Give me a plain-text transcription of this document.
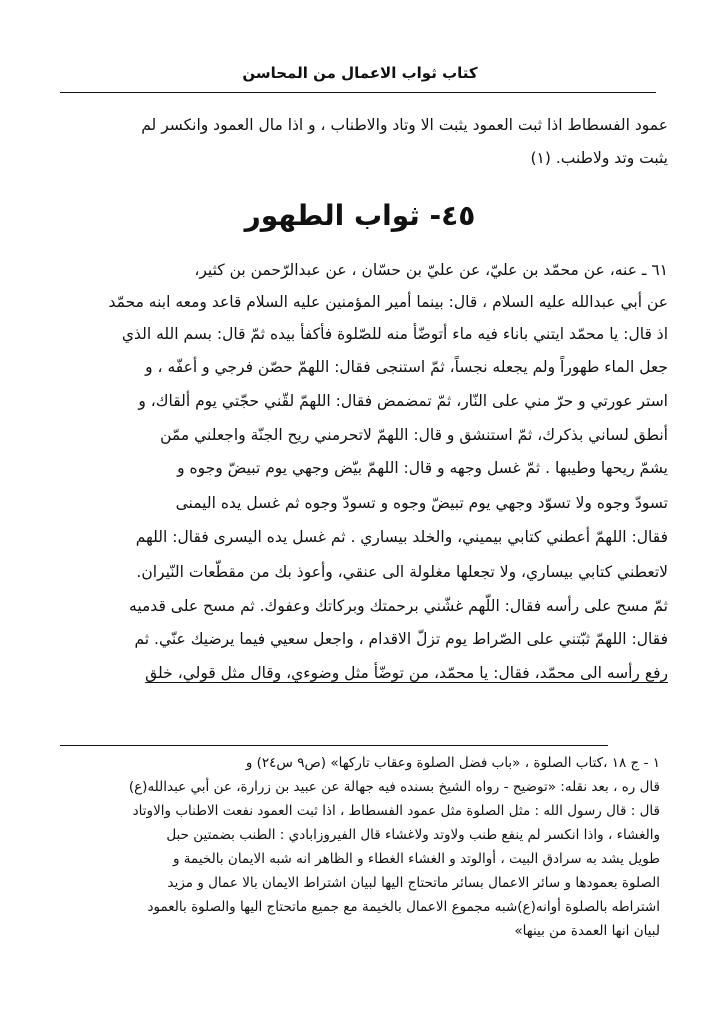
كتاب ثواب الاعمال من المحاسن
عمود الفسطاط اذا ثبت العمود يثبت الا وتاد والاطناب ، و اذا مال العمود وانكسر لم
يثبت وتد ولاطنب. (١)
٤٥- ثواب الطهور
٦١ ـ عنه، عن محمّد بن عليّ، عن عليّ بن حسّان ، عن عبدالرّحمن بن كثير،
عن أبي عبدالله عليه السلام ، قال: بينما أمير المؤمنين عليه السلام قاعد ومعه ابنه محمّد
اذ قال: يا محمّد ايتني باناء فيه ماء أتوضّأ منه للصّلوة فأكفأ بيده ثمّ قال: بسم الله الذي
جعل الماء طهوراً ولم يجعله نجساً، ثمّ استنجى فقال: اللهمّ حصّن فرجي و أعفّه ، و
استر عورتي و حرّ مني على النّار، ثمّ تمضمض فقال: اللهمّ لقّني حجّتي يوم ألقاك، و
أنطق لساني بذكرك، ثمّ استنشق و قال: اللهمّ لاتحرمني ريح الجنّة واجعلني ممّن
يشمّ ريحها وطيبها . ثمّ غسل وجهه و قال: اللهمّ بيّض وجهي يوم تبيضّ وجوه و
تسودّ وجوه ولا تسوّد وجهي يوم تبيضّ وجوه و تسودّ وجوه ثم غسل يده اليمنى
فقال: اللهمّ أعطني كتابي بيميني، والخلد بيساري . ثم غسل يده اليسرى فقال: اللهم
لاتعطني كتابي بيساري، ولا تجعلها مغلولة الى عنقي، وأعوذ بك من مقطّعات النّيران.
ثمّ مسح على رأسه فقال: اللّهم غشّني برحمتك وبركاتك وعفوك. ثم مسح على قدميه
فقال: اللهمّ ثبّتني على الصّراط يوم تزلّ الاقدام ، واجعل سعيي فيما يرضيك عنّي. ثم
رفع رأسه الى محمّد، فقال: يا محمّد، من توضّأ مثل وضوءي، وقال مثل قولي، خلق
١ - ج ١٨ ،كتاب الصلوة ، «باب فضل الصلوة وعقاب تاركها» (ص٩ س٢٤) و
قال ره ، بعد نقله: «توضيح - رواه الشيخ بسنده فيه جهالة عن عبيد بن زرارة، عن أبي عبدالله(ع)
قال : قال رسول الله : مثل الصلوة مثل عمود الفسطاط ، اذا ثبت العمود نفعت الاطناب والاوتاد
والغشاء ، واذا انكسر لم ينفع طنب ولاوتد ولاغشاء قال الفيروزابادي : الطنب بضمتين حبل
طويل يشد به سرادق البيت ، أوالوتد و الغشاء الغطاء و الظاهر انه شبه الايمان بالخيمة و
الصلوة بعمودها و سائر الاعمال بسائر ماتحتاج اليها لبيان اشتراط الايمان بالا عمال و مزيد
اشتراطه بالصلوة أوانه(ع)شبه مجموع الاعمال بالخيمة مع جميع ماتحتاج اليها والصلوة بالعمود
لبيان انها العمدة من بينها»
